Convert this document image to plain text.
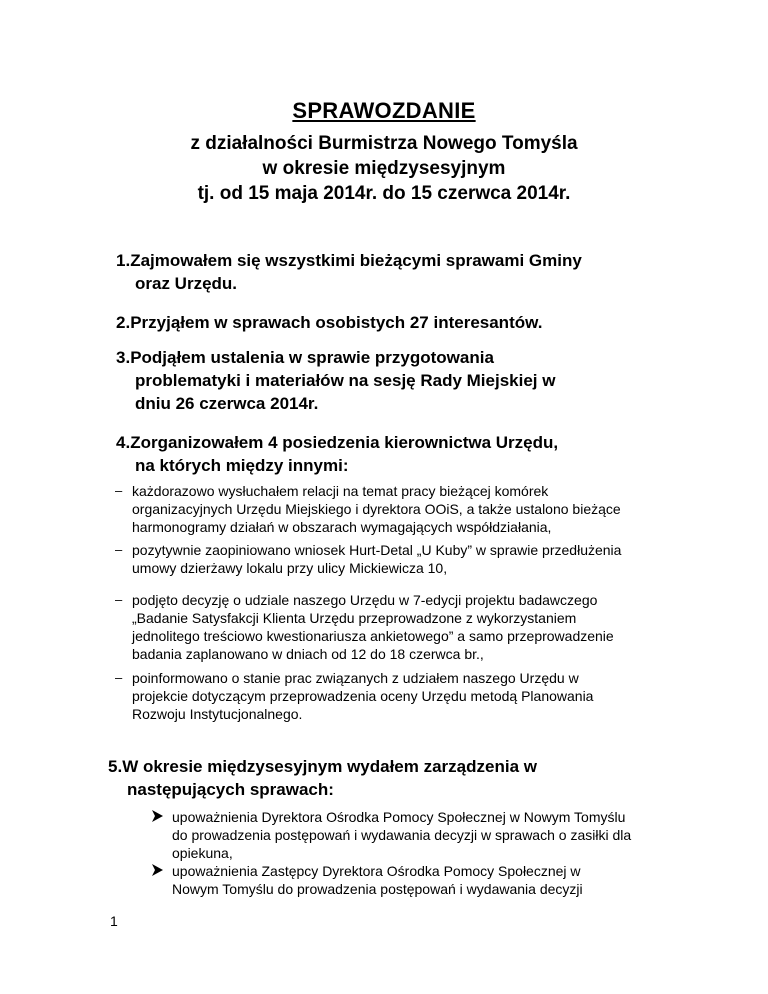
SPRAWOZDANIE
z działalności Burmistrza Nowego Tomyśla
w okresie międzysesyjnym
tj. od 15 maja 2014r. do 15 czerwca 2014r.
1.Zajmowałem się wszystkimi bieżącymi sprawami Gminy
oraz Urzędu.
2.Przyjąłem w sprawach osobistych 27 interesantów.
3.Podjąłem ustalenia w sprawie przygotowania
problematyki i materiałów na sesję Rady Miejskiej w
dniu 26 czerwca 2014r.
4.Zorganizowałem 4 posiedzenia kierownictwa Urzędu,
na których między innymi:
– każdorazowo wysłuchałem relacji na temat pracy bieżącej komórek
organizacyjnych Urzędu Miejskiego i dyrektora OOiS, a także ustalono bieżące
harmonogramy działań w obszarach wymagających współdziałania,
– pozytywnie zaopiniowano wniosek Hurt-Detal „U Kuby” w sprawie przedłużenia
umowy dzierżawy lokalu przy ulicy Mickiewicza 10,
– podjęto decyzję o udziale naszego Urzędu w 7-edycji projektu badawczego
„Badanie Satysfakcji Klienta Urzędu przeprowadzone z wykorzystaniem
jednolitego treściowo kwestionariusza ankietowego” a samo przeprowadzenie
badania zaplanowano w dniach od 12 do 18 czerwca br.,
– poinformowano o stanie prac związanych z udziałem naszego Urzędu w
projekcie dotyczącym przeprowadzenia oceny Urzędu metodą Planowania
Rozwoju Instytucjonalnego.
5.W okresie międzysesyjnym wydałem zarządzenia w
następujących sprawach:
upoważnienia Dyrektora Ośrodka Pomocy Społecznej w Nowym Tomyślu
do prowadzenia postępowań i wydawania decyzji w sprawach o zasiłki dla
opiekuna,
upoważnienia Zastępcy Dyrektora Ośrodka Pomocy Społecznej w
Nowym Tomyślu do prowadzenia postępowań i wydawania decyzji
1
